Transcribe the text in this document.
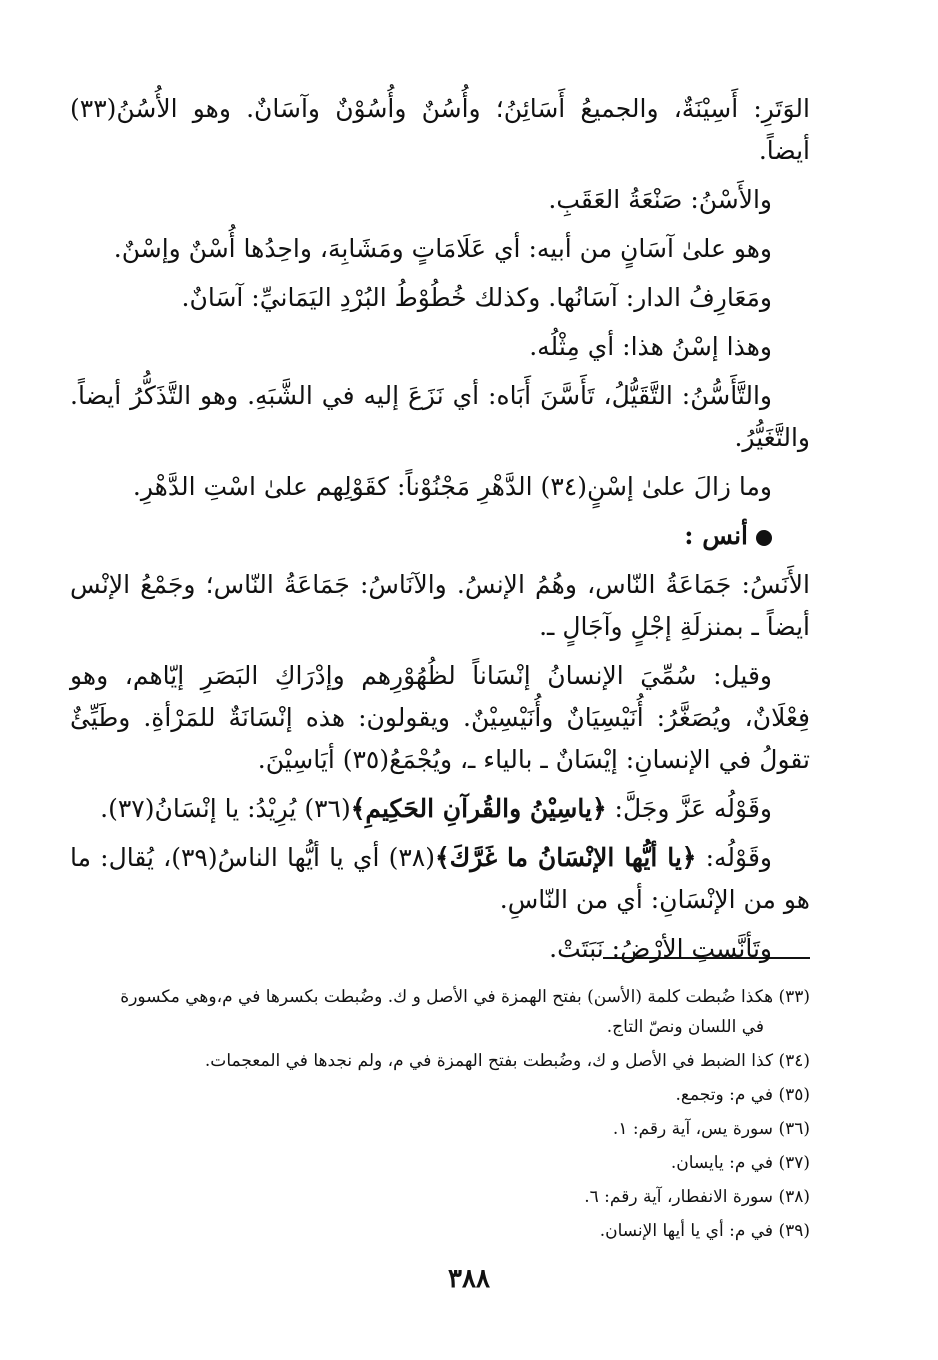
الوَتَرِ: أَسِيْنَةٌ، والجميعُ أَسَائِنُ؛ وأُسُنٌ وأُسُوْنٌ وآسَانٌ. وهو الأُسُنُ(٣٣) أيضاً.

والأَسْنُ: صَنْعَةُ العَقَبِ.

وهو علىٰ آسَانٍ من أبيه: أي عَلَامَاتٍ ومَشَابِهَ، واحِدُها أُسْنٌ وإسْنٌ.

ومَعَارِفُ الدار: آسَانُها. وكذلك خُطُوْطُ البُرْدِ اليَمَانيِّ: آسَانٌ.

وهذا إسْنُ هذا: أي مِثْلُه.

والتَّأَسُّنُ: التَّقَيُّلُ، تَأَسَّنَ أَبَاه: أي نَزَعَ إليه في الشَّبَهِ. وهو التَّذَكُّرُ أيضاً. والتَّغَيُّرُ.

وما زالَ علىٰ إسْنٍ(٣٤) الدَّهْرِ مَجْنُوْناً: كقَوْلِهم علىٰ اسْتِ الدَّهْرِ.

أنس :

الأَنَسُ: جَمَاعَةُ النّاس، وهُمُ الإنسُ. والآنَاسُ: جَمَاعَةُ النّاس؛ وجَمْعُ الإنْس أيضاً ـ بمنزلَةِ إجْلٍ وآجَالٍ ـ.

وقيل: سُمِّيَ الإنسانُ إنْسَاناً لظُهُوْرِهم وإدْرَاكِ البَصَرِ إيّاهم، وهو فِعْلَانٌ، ويُصَغَّرُ: أُنَيْسِيَانٌ وأُنَيْسِيْنٌ. ويقولون: هذه إنْسَانَةٌ للمَرْأةِ. وطَيِّئٌ تقولُ في الإنسانِ: إيْسَانٌ ـ بالياء ـ، ويُجْمَعُ(٣٥) أيَاسِيْنَ.

وقَوْلُه عَزَّ وجَلَّ: ﴿ياسِيْنُ والقُرآنِ الحَكِيمِ﴾(٣٦) يُرِيْدُ: يا إنْسَانُ(٣٧).

وقَوْلُه: ﴿يا أيُّها الإنْسَانُ ما غَرَّكَ﴾(٣٨) أي يا أيُّها الناسُ(٣٩)، يُقال: ما هو من الإنْسَانِ: أي من النّاسِ.

وتَأنَّستِ الأرْضُ: نَبَتَتْ.

(٣٣) هكذا ضُبطت كلمة (الأسن) بفتح الهمزة في الأصل و ك. وضُبطت بكسرها في م،وهي مكسورة
في اللسان ونصّ التاج.

(٣٤) كذا الضبط في الأصل و ك، وضُبطت بفتح الهمزة في م، ولم نجدها في المعجمات.

(٣٥) في م: وتجمع.

(٣٦) سورة يس، آية رقم: ١.

(٣٧) في م: يايسان.

(٣٨) سورة الانفطار، آية رقم: ٦.

(٣٩) في م: أي يا أيها الإنسان.

٣٨٨
